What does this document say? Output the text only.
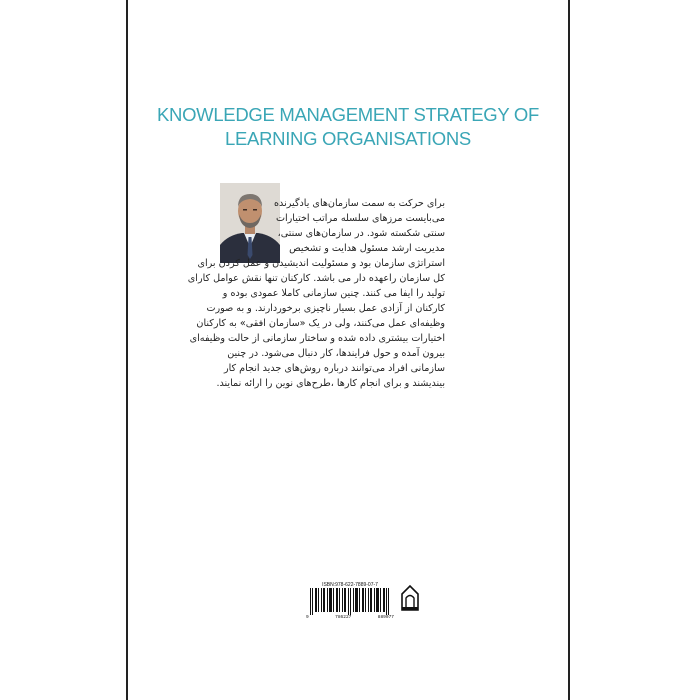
KNOWLEDGE MANAGEMENT STRATEGY OF
LEARNING ORGANISATIONS
برای حرکت به سمت سازمان‌های یادگیرنده
می‌بایست مرزهای سلسله مراتب اختیارات
سنتی شکسته شود. در سازمان‌های سنتی،
مدیریت ارشد مسئول هدایت و تشخیص
استراتژی سازمان بود و مسئولیت اندیشیدن و عمل کردن برای
کل سازمان راعهده دار می باشد. کارکنان تنها نقش عوامل کارای
تولید را ایفا می کنند. چنین سازمانی کاملا عمودی بوده و
کارکنان از آزادی عمل بسیار ناچیزی برخوردارند. و به صورت
وظیفه‌ای عمل می‌کنند، ولی در یک «سازمان افقی» به کارکنان
اختیارات بیشتری داده شده و ساختار سازمانی از حالت وظیفه‌ای
بیرون آمده و حول فرایندها، کار دنبال می‌شود. در چنین
سازمانی افراد می‌توانند درباره روش‌های جدید انجام کار
بیندیشند و برای انجام کارها ،طرح‌های نوین را ارائه نمایند.
ISBN:978-622-7889-07-7
9	786227	889077
